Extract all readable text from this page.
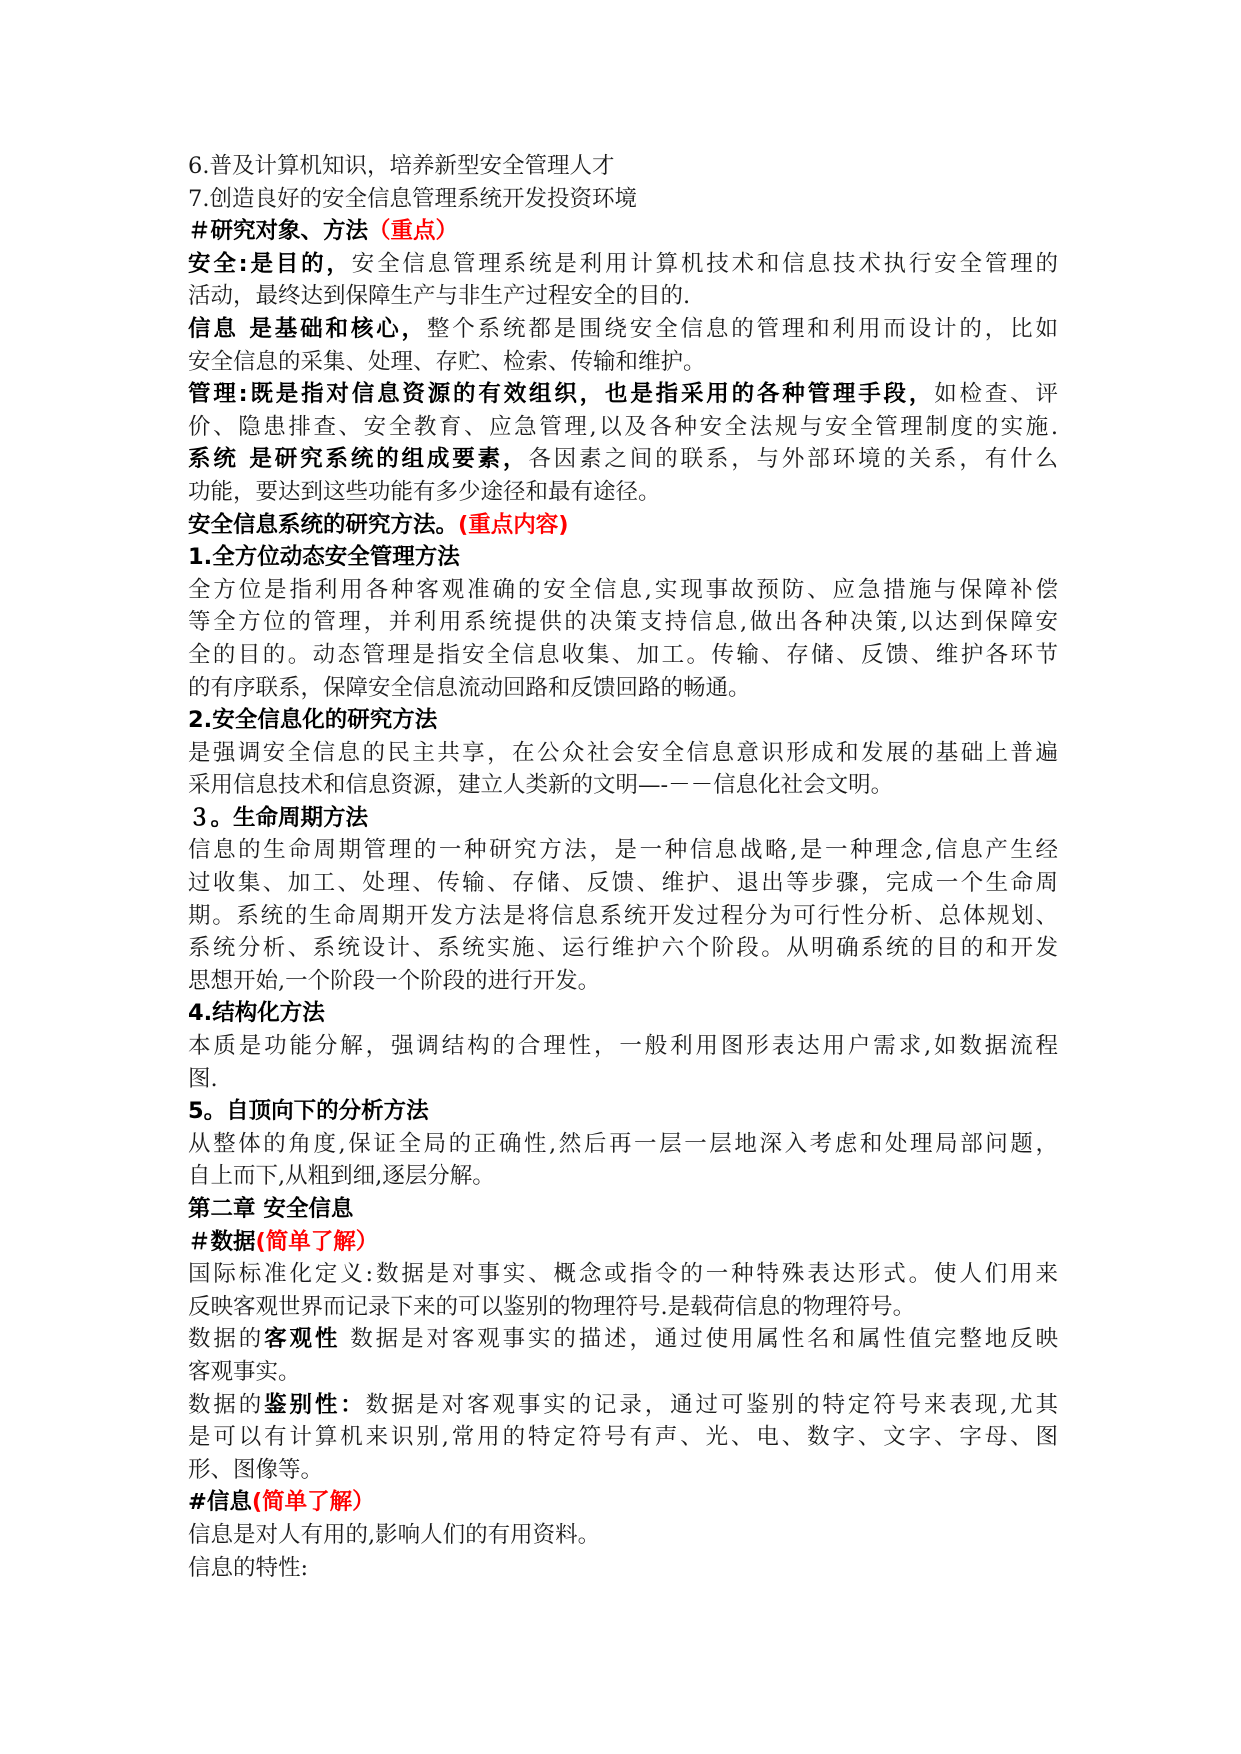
6.普及计算机知识，培养新型安全管理人才
7.创造良好的安全信息管理系统开发投资环境
＃研究对象、方法（重点）
安全:是目的，安全信息管理系统是利用计算机技术和信息技术执行安全管理的
活动，最终达到保障生产与非生产过程安全的目的.
信息 是基础和核心，整个系统都是围绕安全信息的管理和利用而设计的，比如
安全信息的采集、处理、存贮、检索、传输和维护。
管理:既是指对信息资源的有效组织，也是指采用的各种管理手段，如检查、评
价、隐患排查、安全教育、应急管理,以及各种安全法规与安全管理制度的实施.
系统 是研究系统的组成要素，各因素之间的联系，与外部环境的关系，有什么
功能，要达到这些功能有多少途径和最有途径。
安全信息系统的研究方法。(重点内容)
1.全方位动态安全管理方法
全方位是指利用各种客观准确的安全信息,实现事故预防、应急措施与保障补偿
等全方位的管理，并利用系统提供的决策支持信息,做出各种决策,以达到保障安
全的目的。动态管理是指安全信息收集、加工。传输、存储、反馈、维护各环节
的有序联系，保障安全信息流动回路和反馈回路的畅通。
2.安全信息化的研究方法
是强调安全信息的民主共享，在公众社会安全信息意识形成和发展的基础上普遍
采用信息技术和信息资源，建立人类新的文明—-－－信息化社会文明。
３。生命周期方法
信息的生命周期管理的一种研究方法，是一种信息战略,是一种理念,信息产生经
过收集、加工、处理、传输、存储、反馈、维护、退出等步骤，完成一个生命周
期。系统的生命周期开发方法是将信息系统开发过程分为可行性分析、总体规划、
系统分析、系统设计、系统实施、运行维护六个阶段。从明确系统的目的和开发
思想开始,一个阶段一个阶段的进行开发。
4.结构化方法
本质是功能分解，强调结构的合理性，一般利用图形表达用户需求,如数据流程
图.
5。自顶向下的分析方法
从整体的角度,保证全局的正确性,然后再一层一层地深入考虑和处理局部问题，
自上而下,从粗到细,逐层分解。
第二章 安全信息
＃数据(简单了解）
国际标准化定义:数据是对事实、概念或指令的一种特殊表达形式。使人们用来
反映客观世界而记录下来的可以鉴别的物理符号.是载荷信息的物理符号。
数据的客观性 数据是对客观事实的描述，通过使用属性名和属性值完整地反映
客观事实。
数据的鉴别性：数据是对客观事实的记录，通过可鉴别的特定符号来表现,尤其
是可以有计算机来识别,常用的特定符号有声、光、电、数字、文字、字母、图
形、图像等。
#信息(简单了解）
信息是对人有用的,影响人们的有用资料。
信息的特性:
